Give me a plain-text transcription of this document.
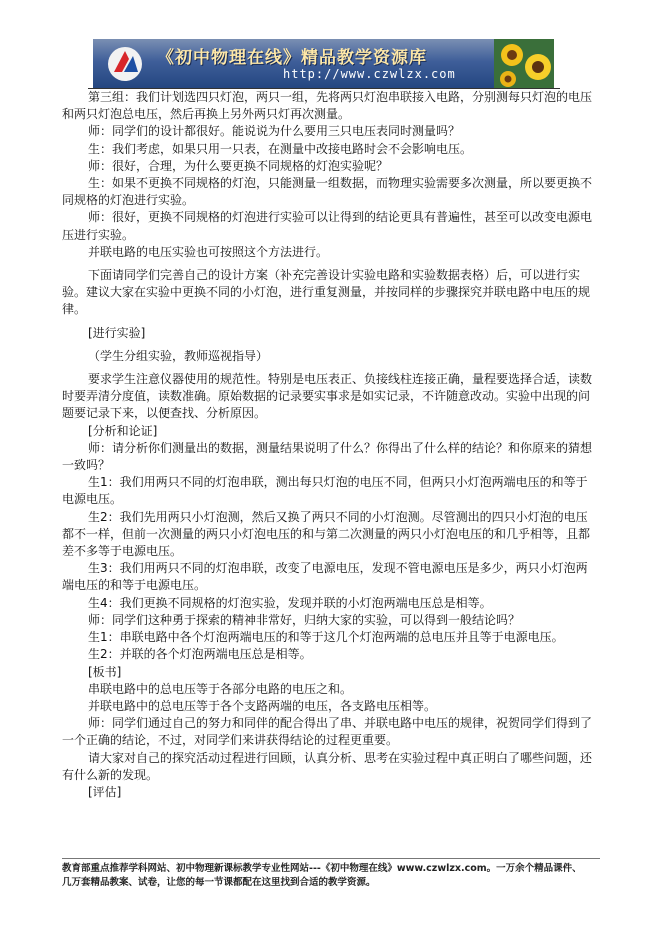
《初中物理在线》精品教学资源库
http://www.czwlzx.com

第三组：我们计划选四只灯泡，两只一组，先将两只灯泡串联接入电路，分别测每只灯泡的电压和两只灯泡总电压，然后再换上另外两只灯再次测量。

师：同学们的设计都很好。能说说为什么要用三只电压表同时测量吗？

生：我们考虑，如果只用一只表，在测量中改接电路时会不会影响电压。

师：很好，合理，为什么要更换不同规格的灯泡实验呢？

生：如果不更换不同规格的灯泡，只能测量一组数据，而物理实验需要多次测量，所以要更换不同规格的灯泡进行实验。

师：很好，更换不同规格的灯泡进行实验可以让得到的结论更具有普遍性，甚至可以改变电源电压进行实验。

并联电路的电压实验也可按照这个方法进行。

下面请同学们完善自己的设计方案（补充完善设计实验电路和实验数据表格）后，可以进行实验。建议大家在实验中更换不同的小灯泡，进行重复测量，并按同样的步骤探究并联电路中电压的规律。

[进行实验]

（学生分组实验，教师巡视指导）

要求学生注意仪器使用的规范性。特别是电压表正、负接线柱连接正确，量程要选择合适，读数时要弄清分度值，读数准确。原始数据的记录要实事求是如实记录，不许随意改动。实验中出现的问题要记录下来，以便查找、分析原因。

[分析和论证]

师：请分析你们测量出的数据，测量结果说明了什么？你得出了什么样的结论？和你原来的猜想一致吗？

生1：我们用两只不同的灯泡串联，测出每只灯泡的电压不同，但两只小灯泡两端电压的和等于电源电压。

生2：我们先用两只小灯泡测，然后又换了两只不同的小灯泡测。尽管测出的四只小灯泡的电压都不一样，但前一次测量的两只小灯泡电压的和与第二次测量的两只小灯泡电压的和几乎相等，且都差不多等于电源电压。

生3：我们用两只不同的灯泡串联，改变了电源电压，发现不管电源电压是多少，两只小灯泡两端电压的和等于电源电压。

生4：我们更换不同规格的灯泡实验，发现并联的小灯泡两端电压总是相等。

师：同学们这种勇于探索的精神非常好，归纳大家的实验，可以得到一般结论吗？

生1：串联电路中各个灯泡两端电压的和等于这几个灯泡两端的总电压并且等于电源电压。

生2：并联的各个灯泡两端电压总是相等。

[板书]

串联电路中的总电压等于各部分电路的电压之和。

并联电路中的总电压等于各个支路两端的电压，各支路电压相等。

师：同学们通过自己的努力和同伴的配合得出了串、并联电路中电压的规律，祝贺同学们得到了一个正确的结论，不过，对同学们来讲获得结论的过程更重要。

请大家对自己的探究活动过程进行回顾，认真分析、思考在实验过程中真正明白了哪些问题，还有什么新的发现。

[评估]

教育部重点推荐学科网站、初中物理新课标教学专业性网站---《初中物理在线》www.czwlzx.com。一万余个精品课件、
几万套精品教案、试卷，让您的每一节课都配在这里找到合适的教学资源。
